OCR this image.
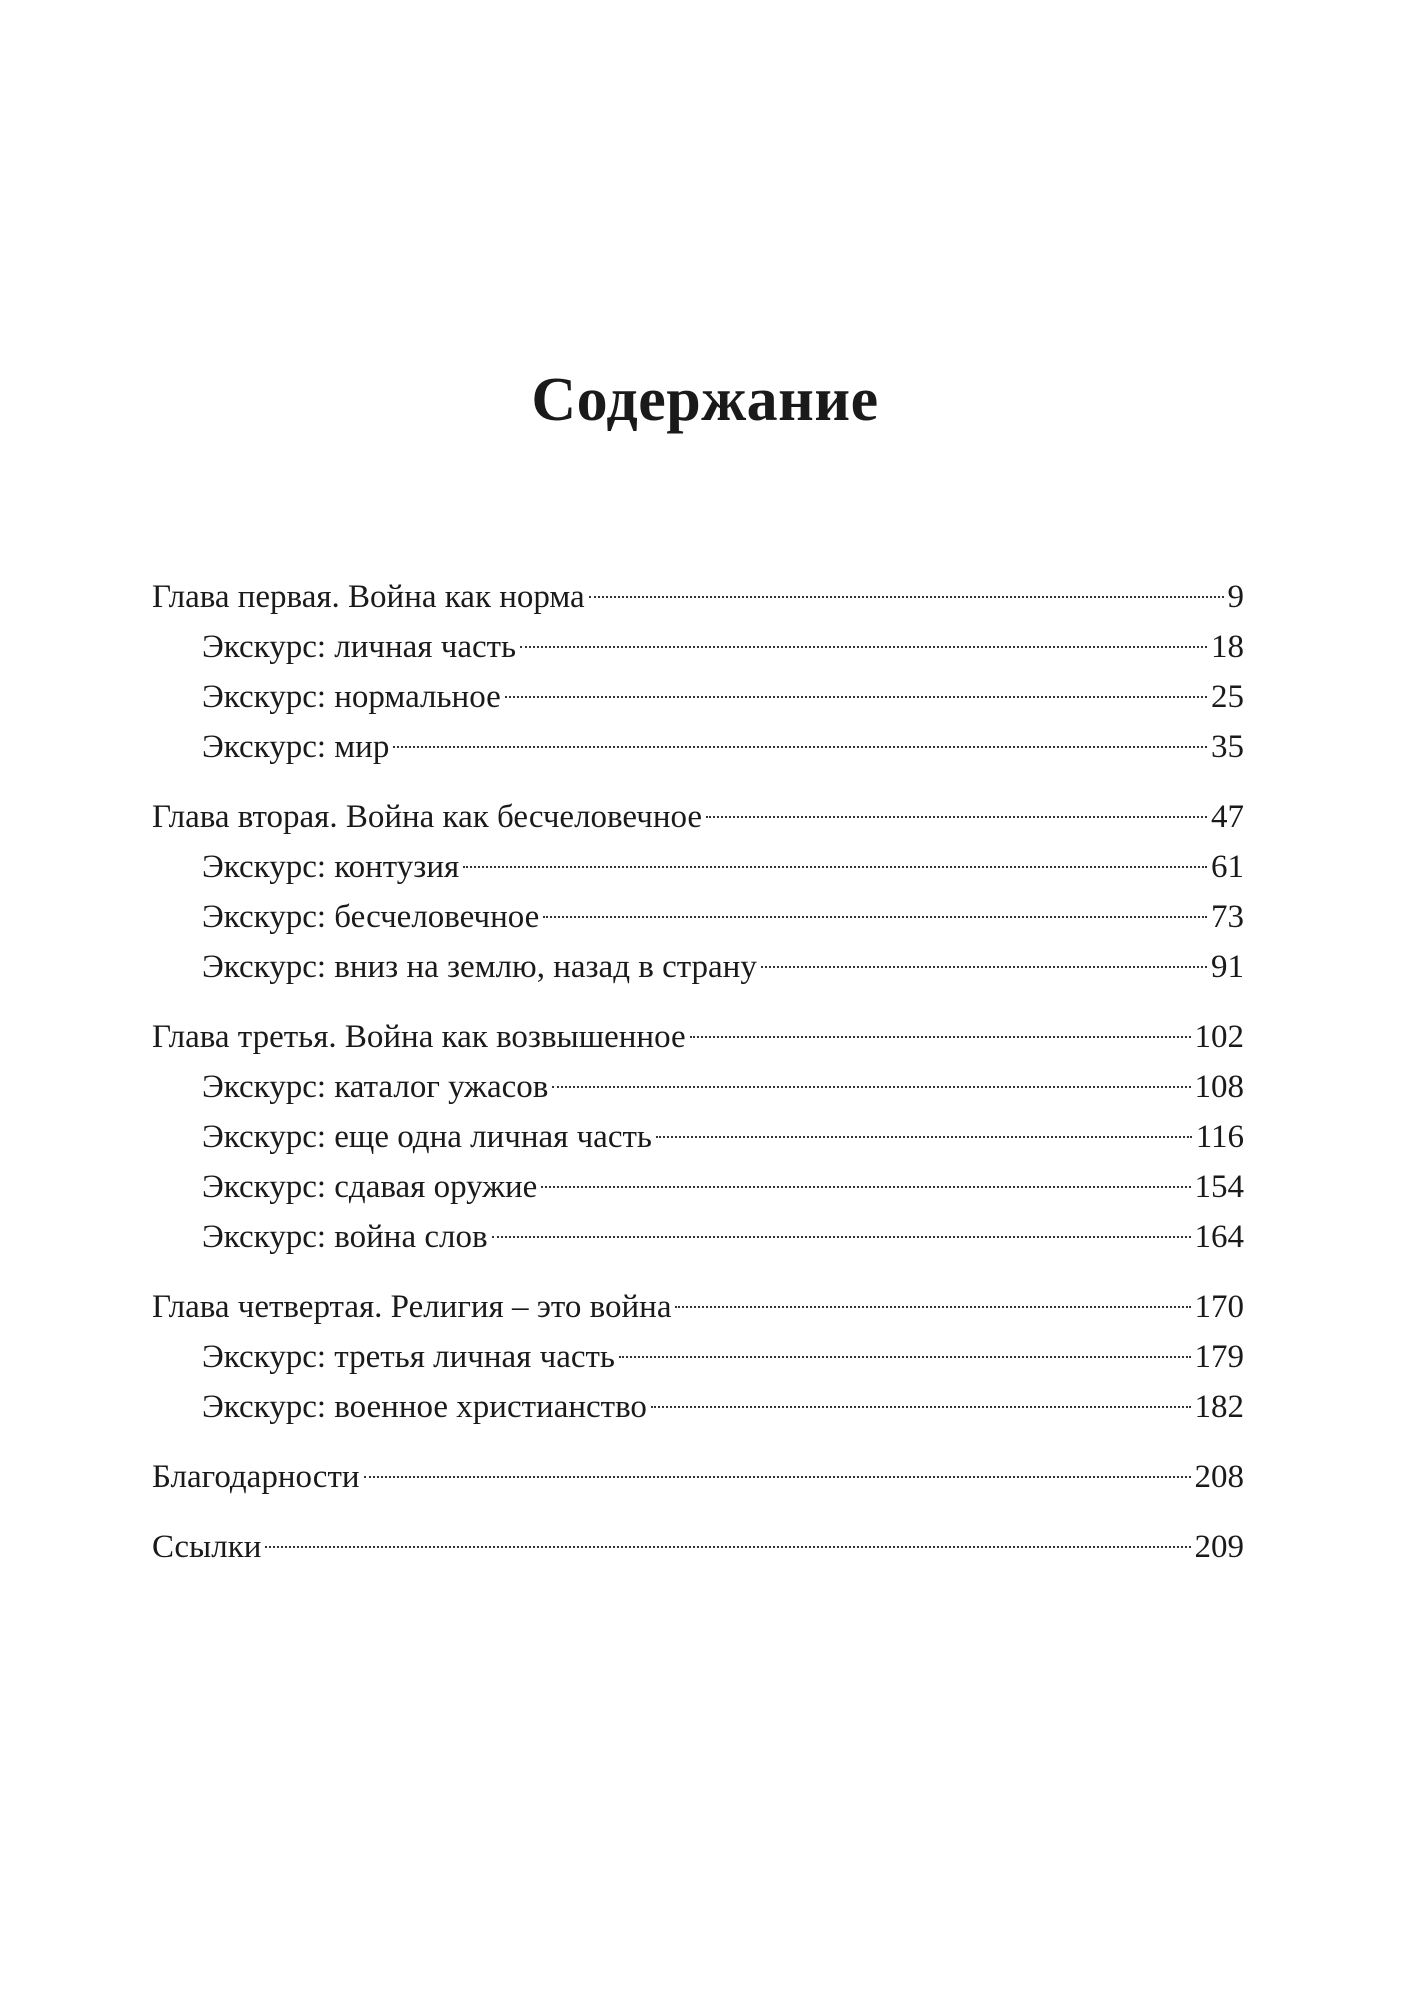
Содержание
Глава первая. Война как норма	9
Экскурс: личная часть	18
Экскурс: нормальное	25
Экскурс: мир	35
Глава вторая. Война как бесчеловечное	47
Экскурс: контузия	61
Экскурс: бесчеловечное	73
Экскурс: вниз на землю, назад в страну	91
Глава третья. Война как возвышенное	102
Экскурс: каталог ужасов	108
Экскурс: еще одна личная часть	116
Экскурс: сдавая оружие	154
Экскурс: война слов	164
Глава четвертая. Религия – это война	170
Экскурс: третья личная часть	179
Экскурс: военное христианство	182
Благодарности	208
Ссылки	209
